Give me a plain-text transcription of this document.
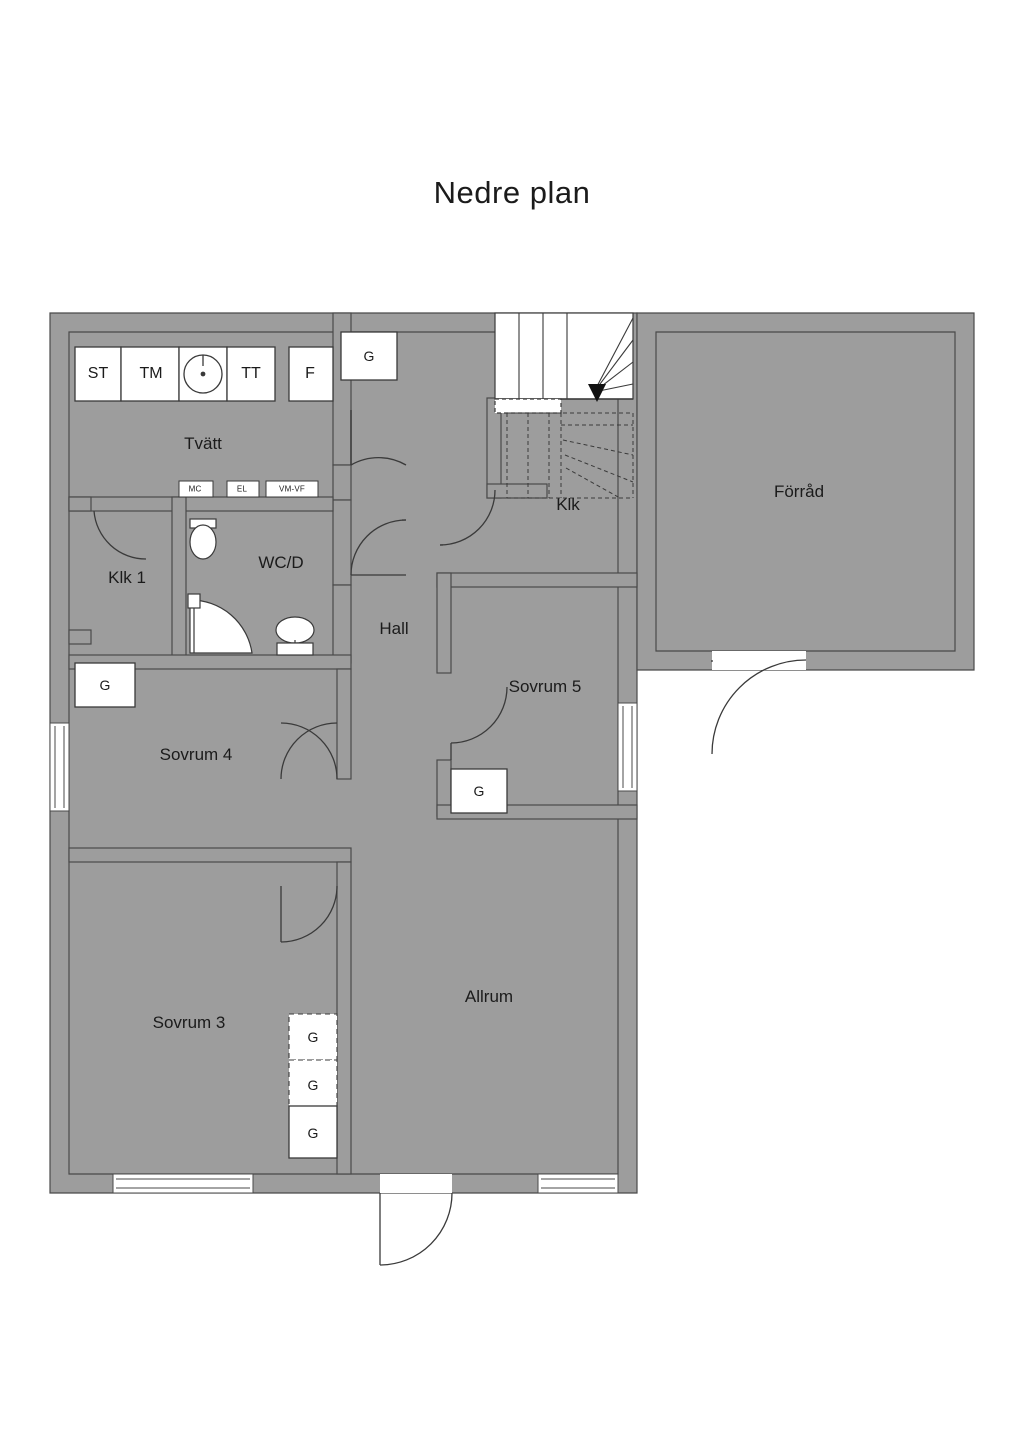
Nedre plan
Tvätt
Klk 1
WC/D
Hall
Klk
Förråd
Sovrum 5
Sovrum 4
Sovrum 3
Allrum
ST TM	TT	F
MC	EL	VM-VF
G
G
G
G
G
G
